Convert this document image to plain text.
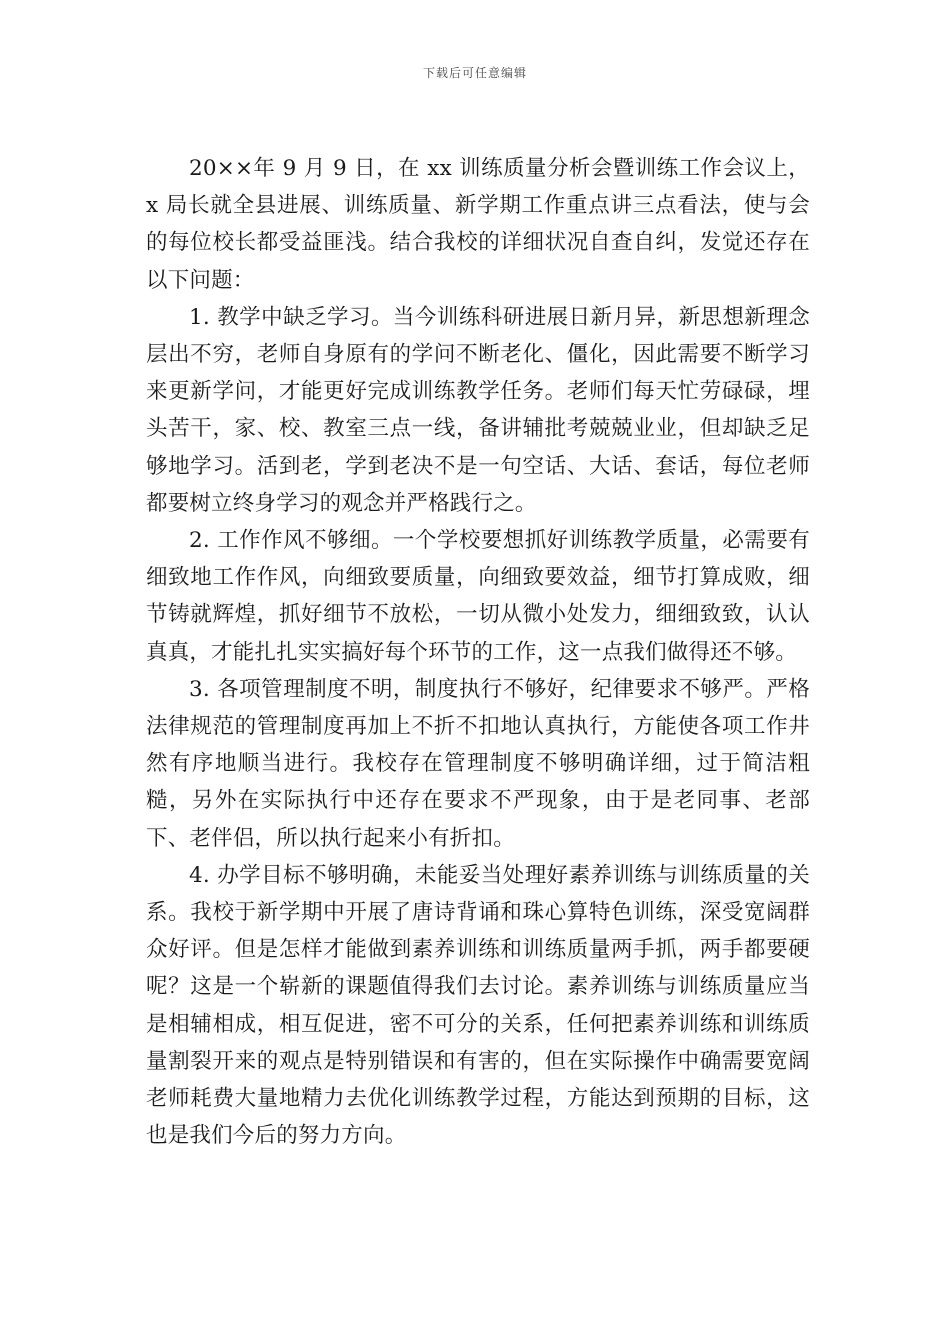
下载后可任意编辑

20××年 9 月 9 日，在 xx 训练质量分析会暨训练工作会议上，x 局长就全县进展、训练质量、新学期工作重点讲三点看法，使与会的每位校长都受益匪浅。结合我校的详细状况自查自纠，发觉还存在以下问题：

1. 教学中缺乏学习。当今训练科研进展日新月异，新思想新理念层出不穷，老师自身原有的学问不断老化、僵化，因此需要不断学习来更新学问，才能更好完成训练教学任务。老师们每天忙劳碌碌，埋头苦干，家、校、教室三点一线，备讲辅批考兢兢业业，但却缺乏足够地学习。活到老，学到老决不是一句空话、大话、套话，每位老师都要树立终身学习的观念并严格践行之。

2. 工作作风不够细。一个学校要想抓好训练教学质量，必需要有细致地工作作风，向细致要质量，向细致要效益，细节打算成败，细节铸就辉煌，抓好细节不放松，一切从微小处发力，细细致致，认认真真，才能扎扎实实搞好每个环节的工作，这一点我们做得还不够。

3. 各项管理制度不明，制度执行不够好，纪律要求不够严。严格法律规范的管理制度再加上不折不扣地认真执行，方能使各项工作井然有序地顺当进行。我校存在管理制度不够明确详细，过于简洁粗糙，另外在实际执行中还存在要求不严现象，由于是老同事、老部下、老伴侣，所以执行起来小有折扣。

4. 办学目标不够明确，未能妥当处理好素养训练与训练质量的关系。我校于新学期中开展了唐诗背诵和珠心算特色训练，深受宽阔群众好评。但是怎样才能做到素养训练和训练质量两手抓，两手都要硬呢？这是一个崭新的课题值得我们去讨论。素养训练与训练质量应当是相辅相成，相互促进，密不可分的关系，任何把素养训练和训练质量割裂开来的观点是特别错误和有害的，但在实际操作中确需要宽阔老师耗费大量地精力去优化训练教学过程，方能达到预期的目标，这也是我们今后的努力方向。
